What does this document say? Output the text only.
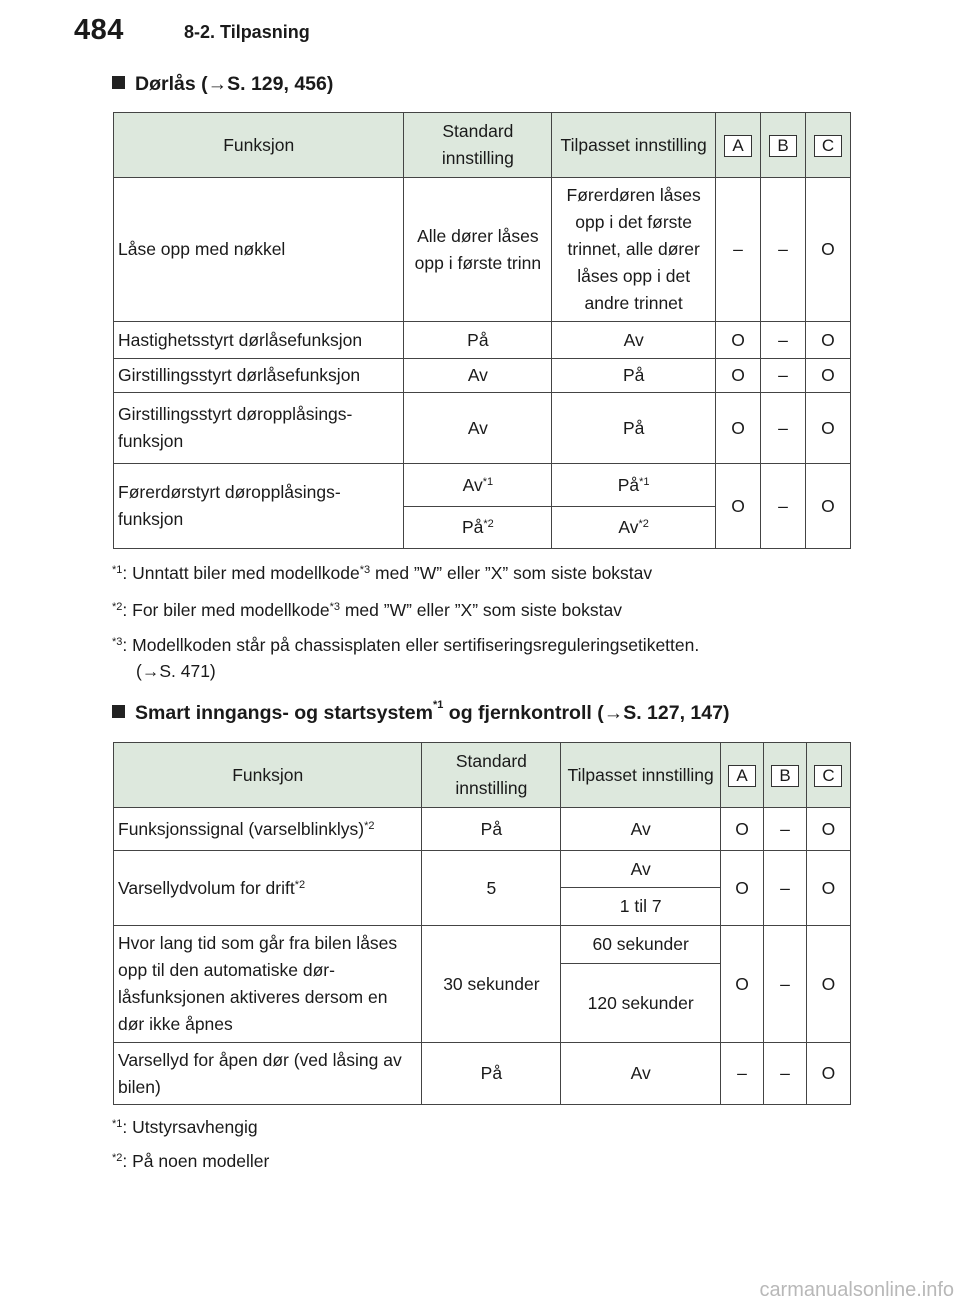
484	8-2. Tilpasning
Dørlås (→S. 129, 456)
Funksjon	Standard innstilling	Tilpasset innstilling	A	B	C
Låse opp med nøkkel	Alle dører låses opp i første trinn	Førerdøren låses opp i det første trinnet, alle dører låses opp i det andre trinnet	–	–	O
Hastighetsstyrt dørlåsefunksjon	På	Av	O	–	O
Girstillingsstyrt dørlåsefunksjon	Av	På	O	–	O
Girstillingsstyrt døropplåsings-funksjon	Av	På	O	–	O
Førerdørstyrt døropplåsings-funksjon	Av$^{*1}$	$På^{*1}$	O	–	O
	$På^{*2}$	Av$^{*2}$
$^{*1}$: Unntatt biler med modellkode$^{*3}$ med ”W” eller ”X” som siste bokstav
$^{*2}$: For biler med modellkode$^{*3}$ med ”W” eller ”X” som siste bokstav
$^{*3}$: Modellkoden står på chassisplaten eller sertifiseringsreguleringsetiketten.
(→S. 471)
Smart inngangs- og startsystem$^{*1}$ og fjernkontroll (→S. 127, 147)
Funksjon	Standard innstilling	Tilpasset innstilling	A	B	C
Funksjonssignal (varselblinklys)$^{*2}$	På	Av	O	–	O
Varsellydvolum for drift$^{*2}$	5	Av	O	–	O
		1 til 7			
Hvor lang tid som går fra bilen låses opp til den automatiske dør-låsfunksjonen aktiveres dersom en dør ikke åpnes	30 sekunder	60 sekunder	O	–	O
		120 sekunder			
Varsellyd for åpen dør (ved låsing av bilen)	På	Av	–	–	O
$^{*1}$: Utstyrsavhengig
$^{*2}$: På noen modeller
carmanualsonline.info
